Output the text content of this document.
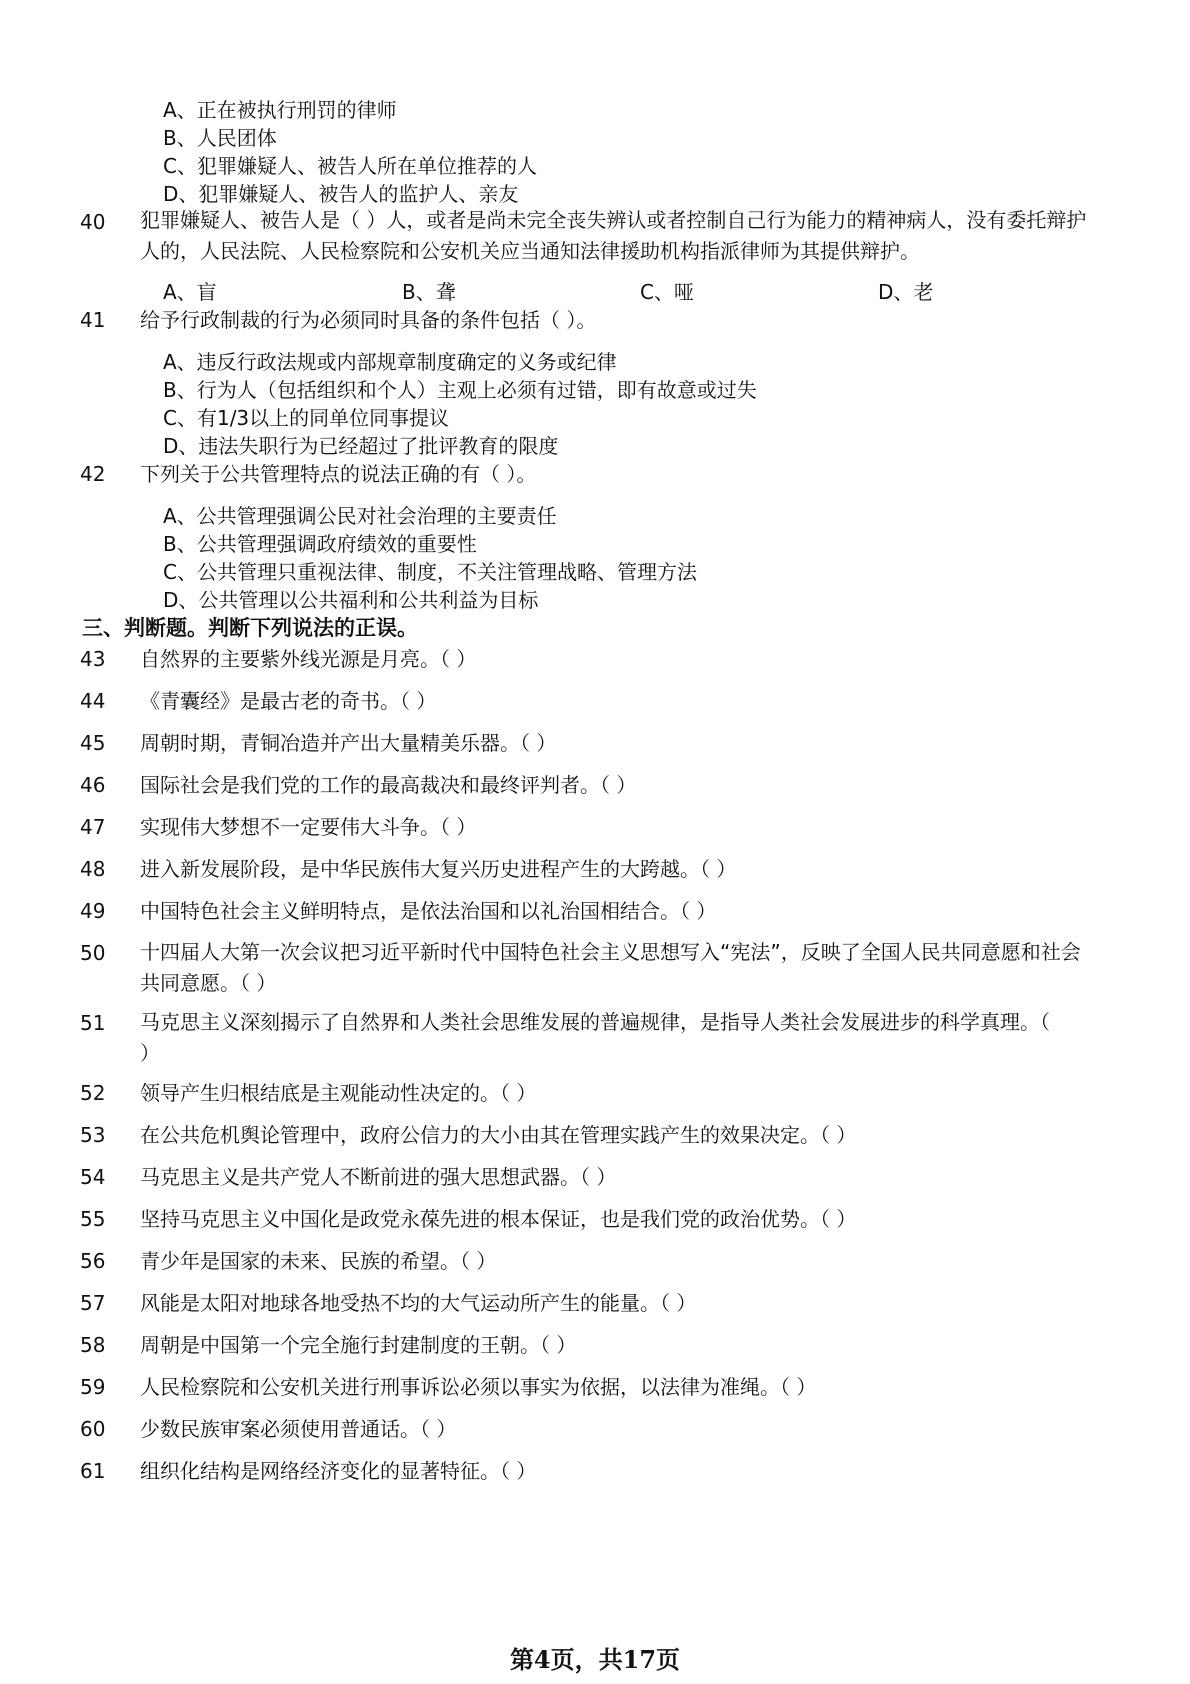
A、正在被执行刑罚的律师
B、人民团体
C、犯罪嫌疑人、被告人所在单位推荐的人
D、犯罪嫌疑人、被告人的监护人、亲友
40 犯罪嫌疑人、被告人是（ ）人，或者是尚未完全丧失辨认或者控制自己行为能力的精神病人，没有委托辩护人的，人民法院、人民检察院和公安机关应当通知法律援助机构指派律师为其提供辩护。
A、盲	B、聋	C、哑	D、老
41 给予行政制裁的行为必须同时具备的条件包括（ ）。
A、违反行政法规或内部规章制度确定的义务或纪律
B、行为人（包括组织和个人）主观上必须有过错，即有故意或过失
C、有1/3以上的同单位同事提议
D、违法失职行为已经超过了批评教育的限度
42 下列关于公共管理特点的说法正确的有（ ）。
A、公共管理强调公民对社会治理的主要责任
B、公共管理强调政府绩效的重要性
C、公共管理只重视法律、制度，不关注管理战略、管理方法
D、公共管理以公共福利和公共利益为目标
三、判断题。判断下列说法的正误。
43 自然界的主要紫外线光源是月亮。（ ）
44 《青囊经》是最古老的奇书。（ ）
45 周朝时期，青铜冶造并产出大量精美乐器。（ ）
46 国际社会是我们党的工作的最高裁决和最终评判者。（ ）
47 实现伟大梦想不一定要伟大斗争。（ ）
48 进入新发展阶段，是中华民族伟大复兴历史进程产生的大跨越。（ ）
49 中国特色社会主义鲜明特点，是依法治国和以礼治国相结合。（ ）
50 十四届人大第一次会议把习近平新时代中国特色社会主义思想写入“宪法”，反映了全国人民共同意愿和社会共同意愿。（ ）
51 马克思主义深刻揭示了自然界和人类社会思维发展的普遍规律，是指导人类社会发展进步的科学真理。（ ）
52 领导产生归根结底是主观能动性决定的。（ ）
53 在公共危机舆论管理中，政府公信力的大小由其在管理实践产生的效果决定。（ ）
54 马克思主义是共产党人不断前进的强大思想武器。（ ）
55 坚持马克思主义中国化是政党永葆先进的根本保证，也是我们党的政治优势。（ ）
56 青少年是国家的未来、民族的希望。（ ）
57 风能是太阳对地球各地受热不均的大气运动所产生的能量。（ ）
58 周朝是中国第一个完全施行封建制度的王朝。（ ）
59 人民检察院和公安机关进行刑事诉讼必须以事实为依据，以法律为准绳。（ ）
60 少数民族审案必须使用普通话。（ ）
61 组织化结构是网络经济变化的显著特征。（ ）
第4页，共17页
